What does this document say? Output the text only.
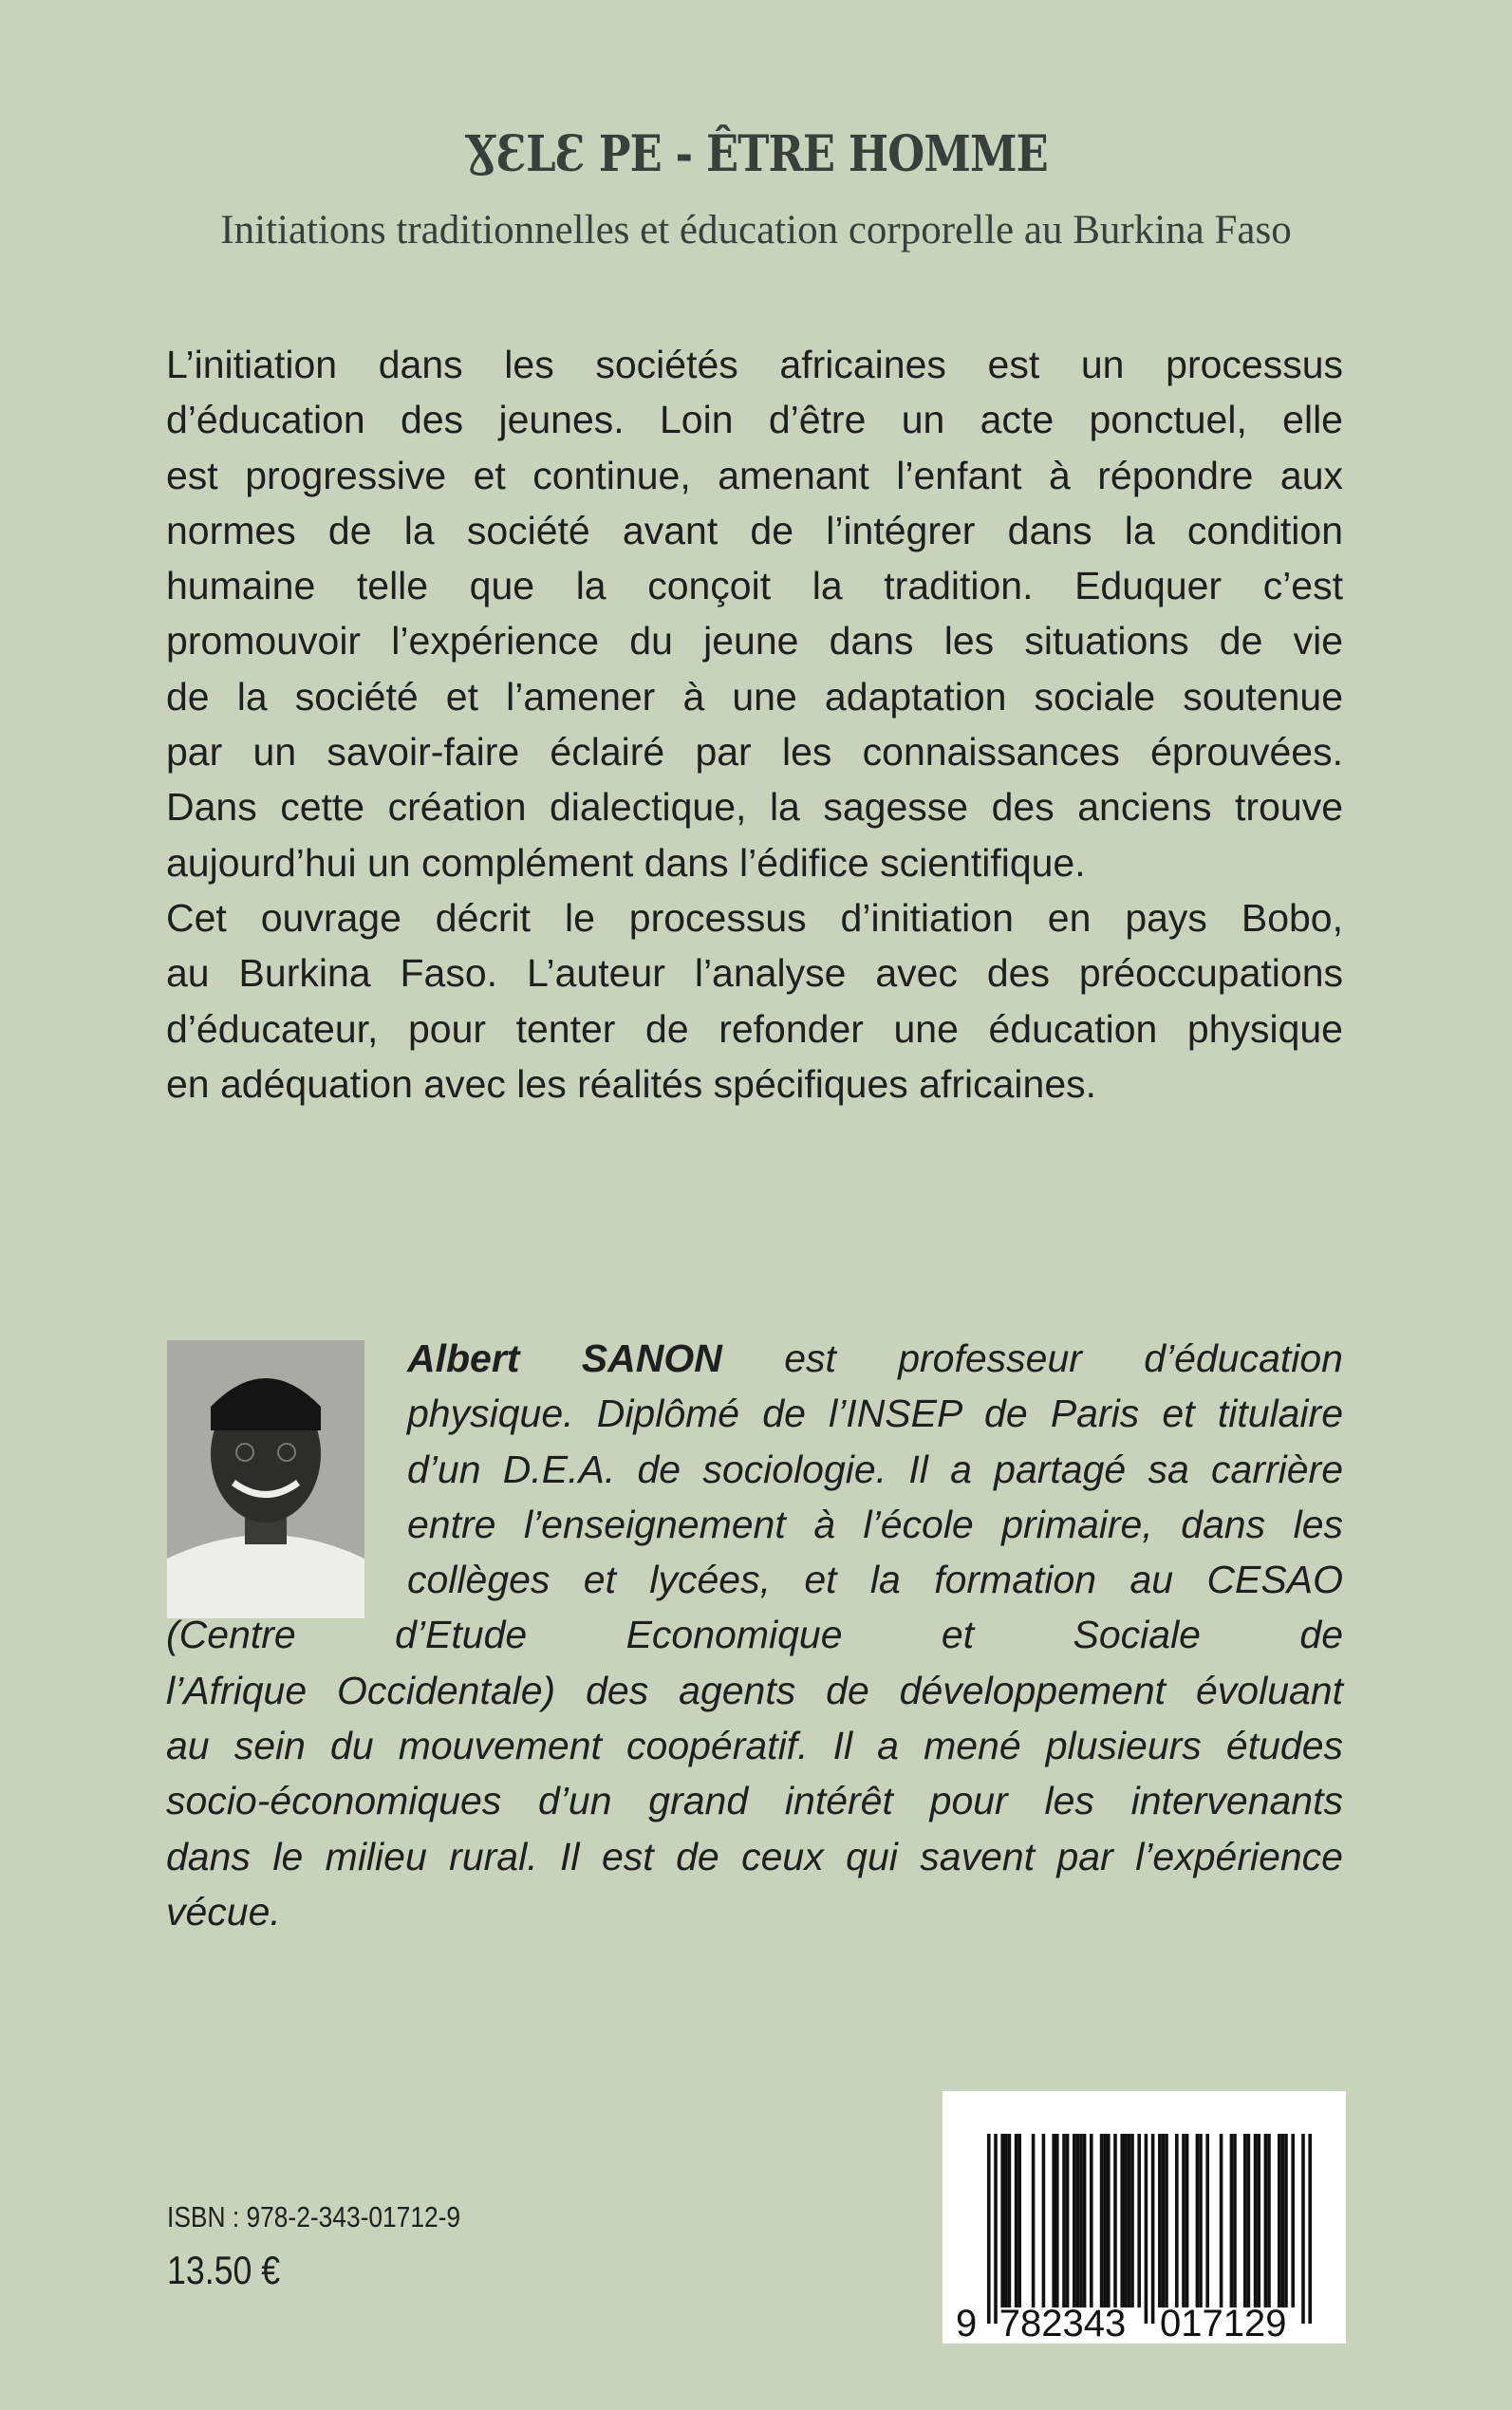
ƔƐLƐ PE - ÊTRE HOMME
Initiations traditionnelles et éducation corporelle au Burkina Faso
L’initiation dans les sociétés africaines est un processus
d’éducation des jeunes. Loin d’être un acte ponctuel, elle
est progressive et continue, amenant l’enfant à répondre aux
normes de la société avant de l’intégrer dans la condition
humaine telle que la conçoit la tradition. Eduquer c’est
promouvoir l’expérience du jeune dans les situations de vie
de la société et l’amener à une adaptation sociale soutenue
par un savoir-faire éclairé par les connaissances éprouvées.
Dans cette création dialectique, la sagesse des anciens trouve
aujourd’hui un complément dans l’édifice scientifique.
Cet ouvrage décrit le processus d’initiation en pays Bobo,
au Burkina Faso. L’auteur l’analyse avec des préoccupations
d’éducateur, pour tenter de refonder une éducation physique
en adéquation avec les réalités spécifiques africaines.
Albert SANON est professeur d’éducation
physique. Diplômé de l’INSEP de Paris et titulaire
d’un D.E.A. de sociologie. Il a partagé sa carrière
entre l’enseignement à l’école primaire, dans les
collèges et lycées, et la formation au CESAO
(Centre d’Etude Economique et Sociale de
l’Afrique Occidentale) des agents de développement évoluant
au sein du mouvement coopératif. Il a mené plusieurs études
socio-économiques d’un grand intérêt pour les intervenants
dans le milieu rural. Il est de ceux qui savent par l’expérience
vécue.
ISBN : 978-2-343-01712-9
13.50 €
9 782343 017129
